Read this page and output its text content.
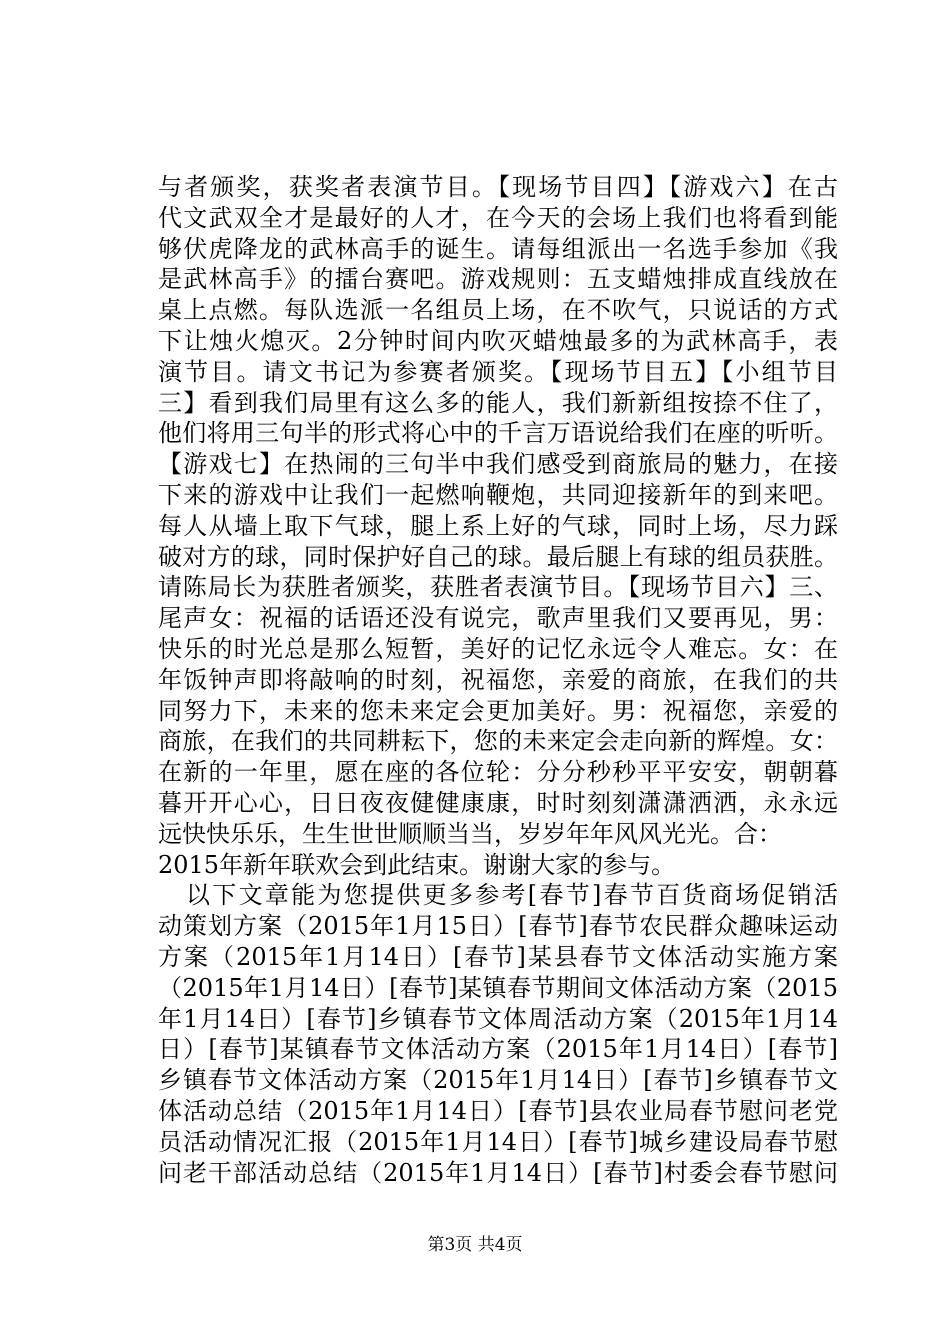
与者颁奖，获奖者表演节目。【现场节目四】【游戏六】在古
代文武双全才是最好的人才，在今天的会场上我们也将看到能
够伏虎降龙的武林高手的诞生。请每组派出一名选手参加《我
是武林高手》的擂台赛吧。游戏规则：五支蜡烛排成直线放在
桌上点燃。每队选派一名组员上场，在不吹气，只说话的方式
下让烛火熄灭。2分钟时间内吹灭蜡烛最多的为武林高手，表
演节目。请文书记为参赛者颁奖。【现场节目五】【小组节目
三】看到我们局里有这么多的能人，我们新新组按捺不住了，
他们将用三句半的形式将心中的千言万语说给我们在座的听听。
【游戏七】在热闹的三句半中我们感受到商旅局的魅力，在接
下来的游戏中让我们一起燃响鞭炮，共同迎接新年的到来吧。
每人从墙上取下气球，腿上系上好的气球，同时上场，尽力踩
破对方的球，同时保护好自己的球。最后腿上有球的组员获胜。
请陈局长为获胜者颁奖，获胜者表演节目。【现场节目六】三、
尾声女：祝福的话语还没有说完，歌声里我们又要再见，男：
快乐的时光总是那么短暂，美好的记忆永远令人难忘。女：在
年饭钟声即将敲响的时刻，祝福您，亲爱的商旅，在我们的共
同努力下，未来的您未来定会更加美好。男：祝福您，亲爱的
商旅，在我们的共同耕耘下，您的未来定会走向新的辉煌。女：
在新的一年里，愿在座的各位轮：分分秒秒平平安安，朝朝暮
暮开开心心，日日夜夜健健康康，时时刻刻潇潇洒洒，永永远
远快快乐乐，生生世世顺顺当当，岁岁年年风风光光。合：
2015年新年联欢会到此结束。谢谢大家的参与。
以下文章能为您提供更多参考[春节]春节百货商场促销活
动策划方案（2015年1月15日）[春节]春节农民群众趣味运动
方案（2015年1月14日）[春节]某县春节文体活动实施方案
（2015年1月14日）[春节]某镇春节期间文体活动方案（2015
年1月14日）[春节]乡镇春节文体周活动方案（2015年1月14
日）[春节]某镇春节文体活动方案（2015年1月14日）[春节]
乡镇春节文体活动方案（2015年1月14日）[春节]乡镇春节文
体活动总结（2015年1月14日）[春节]县农业局春节慰问老党
员活动情况汇报（2015年1月14日）[春节]城乡建设局春节慰
问老干部活动总结（2015年1月14日）[春节]村委会春节慰问
第3页 共4页
